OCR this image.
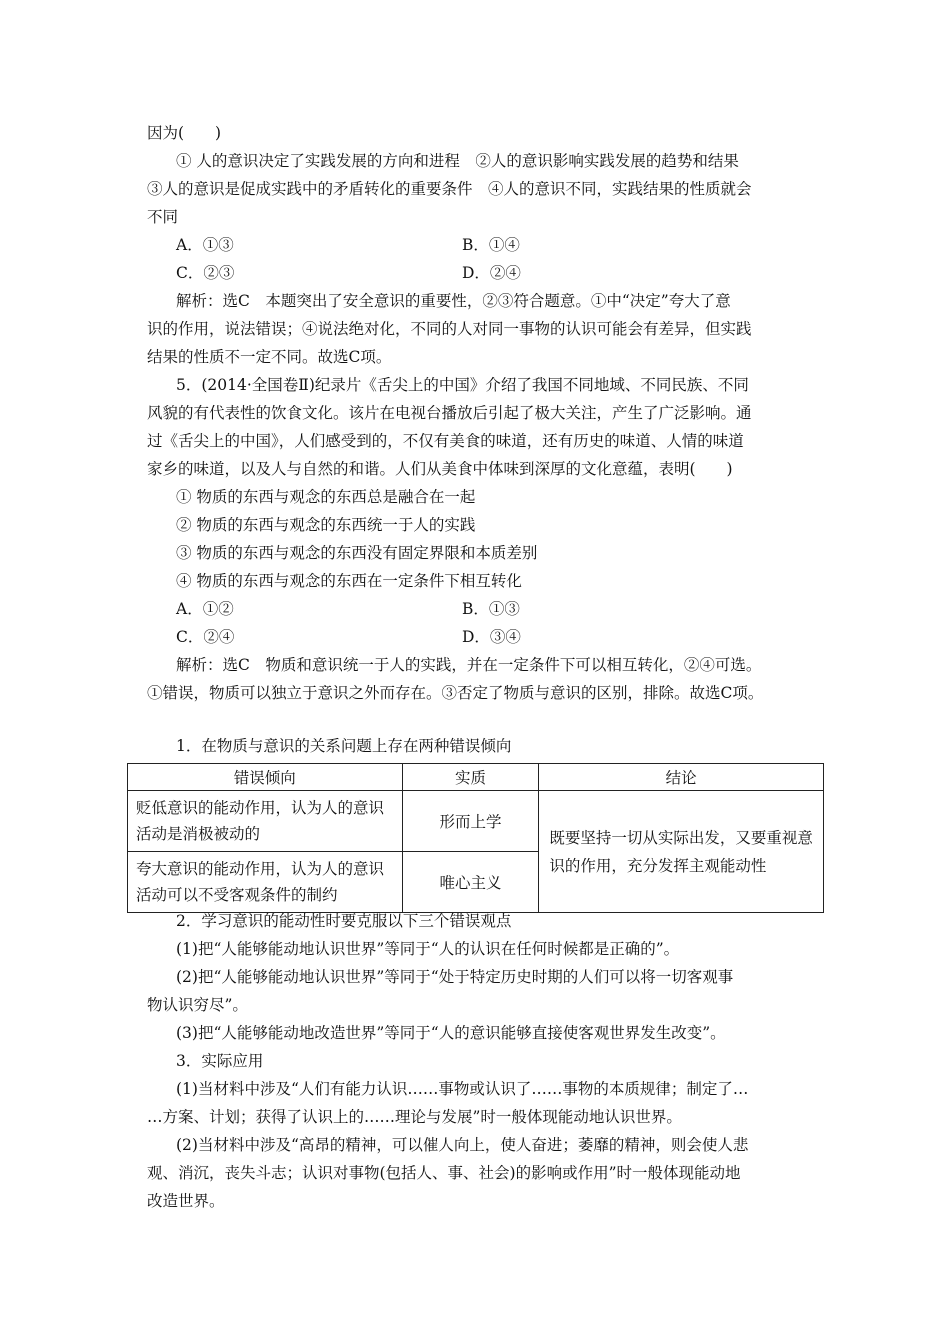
因为(　　)
① 人的意识决定了实践发展的方向和进程　②人的意识影响实践发展的趋势和结果
③人的意识是促成实践中的矛盾转化的重要条件　④人的意识不同，实践结果的性质就会
不同
A．①③	B．①④
C．②③	D．②④
解析：选C　本题突出了安全意识的重要性，②③符合题意。①中“决定”夸大了意
识的作用，说法错误；④说法绝对化，不同的人对同一事物的认识可能会有差异，但实践
结果的性质不一定不同。故选C项。
5．(2014·全国卷Ⅱ)纪录片《舌尖上的中国》介绍了我国不同地域、不同民族、不同
风貌的有代表性的饮食文化。该片在电视台播放后引起了极大关注，产生了广泛影响。通
过《舌尖上的中国》，人们感受到的，不仅有美食的味道，还有历史的味道、人情的味道
家乡的味道，以及人与自然的和谐。人们从美食中体味到深厚的文化意蕴，表明(　　)
① 物质的东西与观念的东西总是融合在一起
② 物质的东西与观念的东西统一于人的实践
③ 物质的东西与观念的东西没有固定界限和本质差别
④ 物质的东西与观念的东西在一定条件下相互转化
A．①②	B．①③
C．②④	D．③④
解析：选C　物质和意识统一于人的实践，并在一定条件下可以相互转化，②④可选。
①错误，物质可以独立于意识之外而存在。③否定了物质与意识的区别，排除。故选C项。
1．在物质与意识的关系问题上存在两种错误倾向
错误倾向	实质	结论
贬低意识的能动作用，认为人的意识活动是消极被动的	形而上学	既要坚持一切从实际出发，又要重视意识的作用，充分发挥主观能动性
夸大意识的能动作用，认为人的意识活动可以不受客观条件的制约	唯心主义	
2．学习意识的能动性时要克服以下三个错误观点
(1)把“人能够能动地认识世界”等同于“人的认识在任何时候都是正确的”。
(2)把“人能够能动地认识世界”等同于“处于特定历史时期的人们可以将一切客观事
物认识穷尽”。
(3)把“人能够能动地改造世界”等同于“人的意识能够直接使客观世界发生改变”。
3．实际应用
(1)当材料中涉及“人们有能力认识……事物或认识了……事物的本质规律；制定了…
…方案、计划；获得了认识上的……理论与发展”时一般体现能动地认识世界。
(2)当材料中涉及“高昂的精神，可以催人向上，使人奋进；萎靡的精神，则会使人悲
观、消沉，丧失斗志；认识对事物(包括人、事、社会)的影响或作用”时一般体现能动地
改造世界。
